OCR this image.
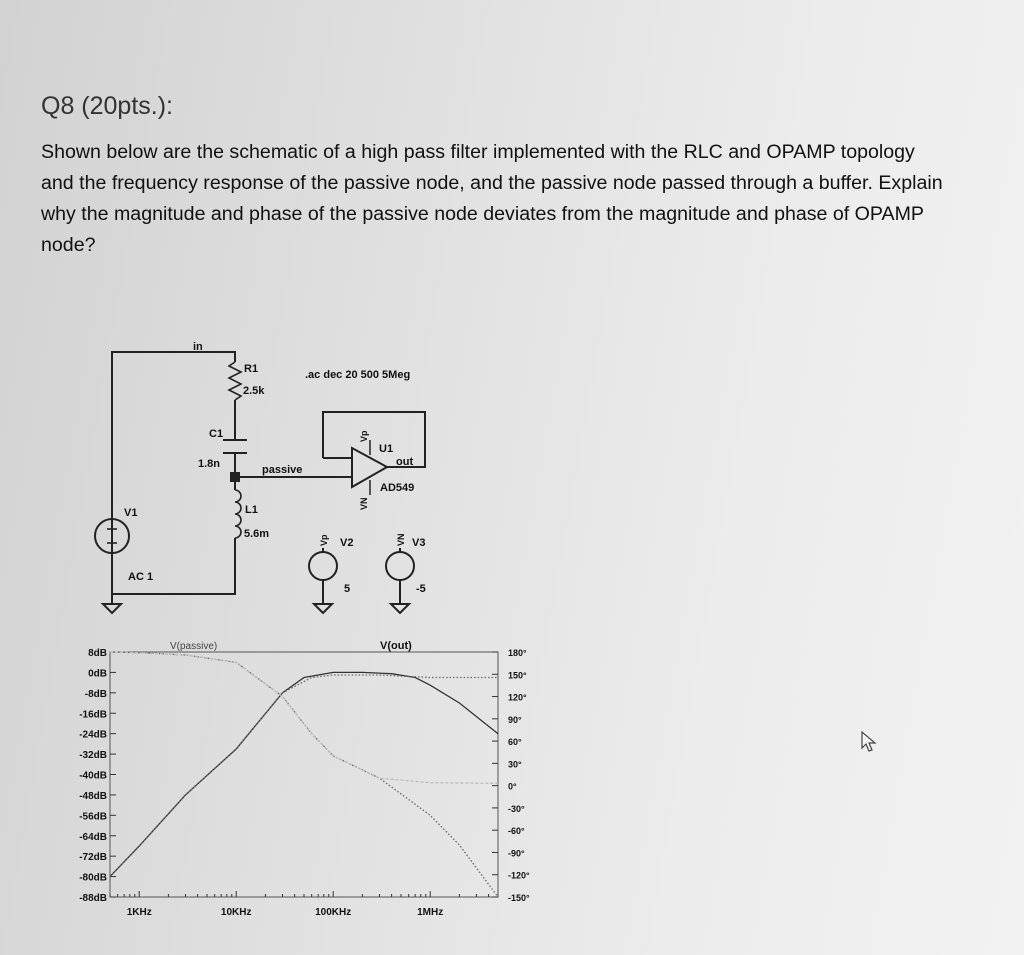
Q8 (20pts.):
Shown below are the schematic of a high pass filter implemented with the RLC and OPAMP topology
and the frequency response of the passive node, and the passive node passed through a buffer. Explain
why the magnitude and phase of the passive node deviates from the magnitude and phase of OPAMP
node?
in
R1
2.5k
.ac dec 20 500 5Meg
C1
1.8n	passive
L1
5.6m
U1
out
AD549
V1
AC 1
V2
5
V3
-5
Vp
VN
Vp	VN
V(passive)	V(out)
8dB
0dB
-8dB
-16dB
-24dB
-32dB
-40dB
-48dB
-56dB
-64dB
-72dB
-80dB
-88dB
180°
150°
120°
90°
60°
30°
0°
-30°
-60°
-90°
-120°
-150°
1KHz	10KHz	100KHz	1MHz
